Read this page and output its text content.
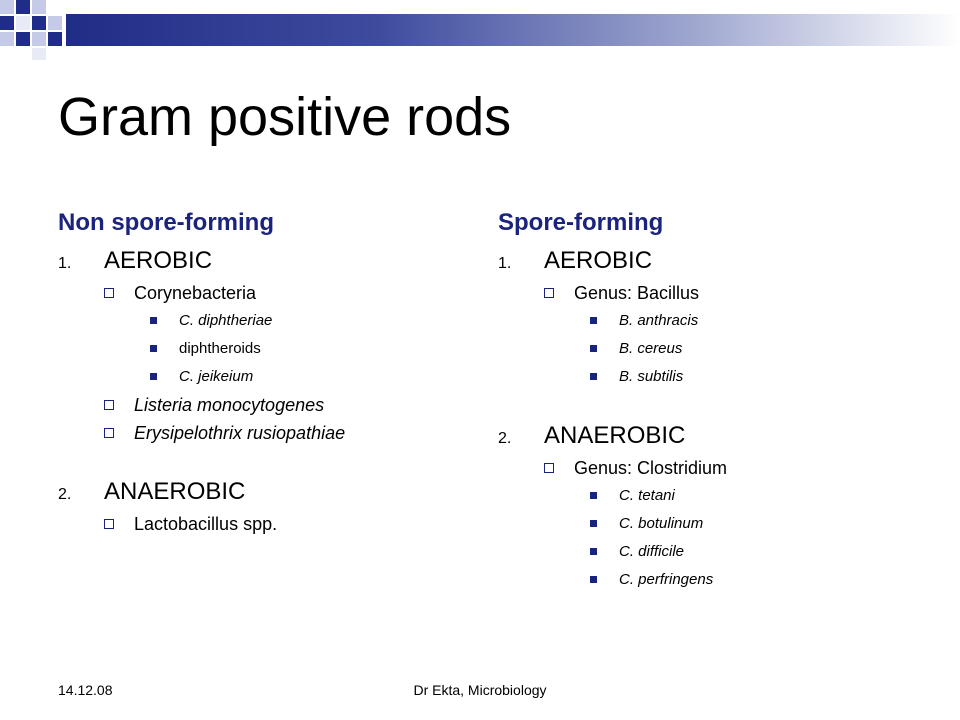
Gram positive rods
Non spore-forming
1.	AEROBIC
Corynebacteria
C. diphtheriae
diphtheroids
C. jeikeium
Listeria monocytogenes
Erysipelothrix rusiopathiae
2.	ANAEROBIC
Lactobacillus spp.
Spore-forming
1.	AEROBIC
Genus: Bacillus
B. anthracis
B. cereus
B. subtilis
2.	ANAEROBIC
Genus: Clostridium
C. tetani
C. botulinum
C. difficile
C. perfringens
14.12.08	Dr Ekta, Microbiology
